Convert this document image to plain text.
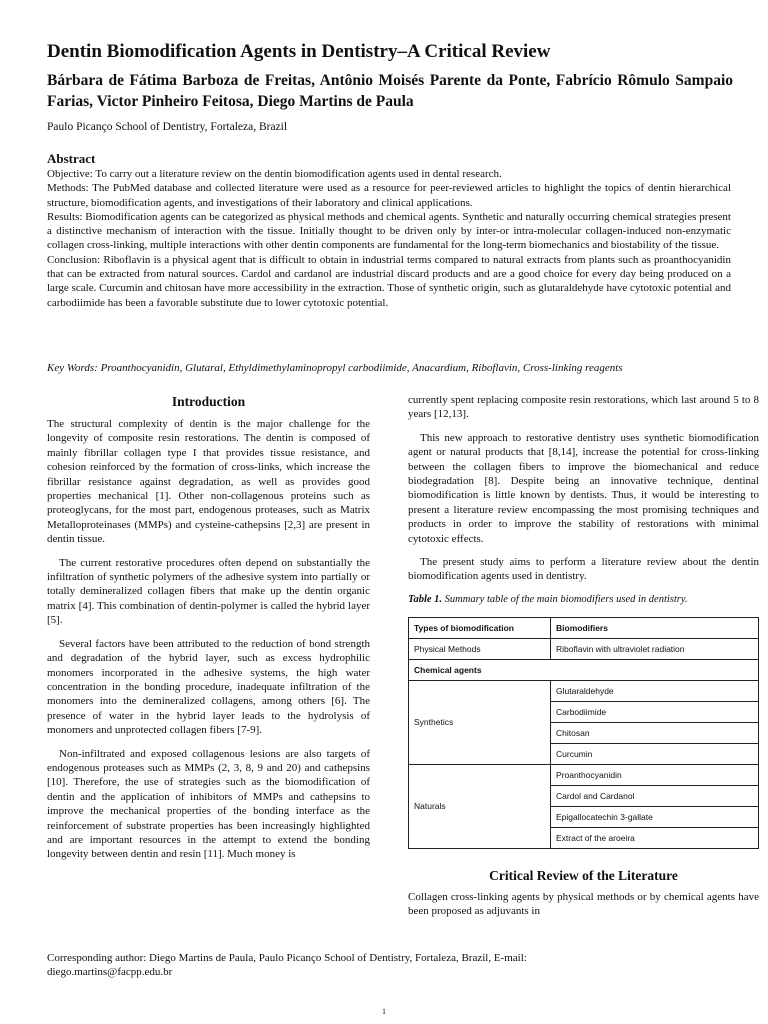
Dentin Biomodification Agents in Dentistry–A Critical Review
Bárbara de Fátima Barboza de Freitas, Antônio Moisés Parente da Ponte, Fabrício Rômulo Sampaio Farias, Victor Pinheiro Feitosa, Diego Martins de Paula
Paulo Picanço School of Dentistry, Fortaleza, Brazil
Abstract

Objective: To carry out a literature review on the dentin biomodification agents used in dental research.

Methods: The PubMed database and collected literature were used as a resource for peer-reviewed articles to highlight the topics of dentin hierarchical structure, biomodification agents, and investigations of their laboratory and clinical applications.

Results: Biomodification agents can be categorized as physical methods and chemical agents. Synthetic and naturally occurring chemical strategies present a distinctive mechanism of interaction with the tissue. Initially thought to be driven only by inter-or intra-molecular collagen-induced non-enzymatic collagen cross-linking, multiple interactions with other dentin components are fundamental for the long-term biomechanics and biostability of the tissue.

Conclusion: Riboflavin is a physical agent that is difficult to obtain in industrial terms compared to natural extracts from plants such as proanthocyanidin that can be extracted from natural sources. Cardol and cardanol are industrial discard products and are a good choice for every day being produced on a large scale. Curcumin and chitosan have more accessibility in the extraction. Those of synthetic origin, such as glutaraldehyde have cytotoxic potential and carbodiimide has been a favorable substitute due to lower cytotoxic potential.

Key Words: Proanthocyanidin, Glutaral, Ethyldimethylaminopropyl carbodiimide, Anacardium, Riboflavin, Cross-linking reagents
Introduction

The structural complexity of dentin is the major challenge for the longevity of composite resin restorations. The dentin is composed of mainly fibrillar collagen type I that provides tissue resistance, and cohesion reinforced by the formation of cross-links, which increase the fibrillar resistance against degradation, as well as provides good properties mechanical [1]. Other non-collagenous proteins such as proteoglycans, for the most part, endogenous proteases, such as Matrix Metalloproteinases (MMPs) and cysteine-cathepsins [2,3] are present in dentin tissue.

The current restorative procedures often depend on substantially the infiltration of synthetic polymers of the adhesive system into partially or totally demineralized collagen fibers that make up the dentin organic matrix [4]. This combination of dentin-polymer is called the hybrid layer [5].

Several factors have been attributed to the reduction of bond strength and degradation of the hybrid layer, such as excess hydrophilic monomers incorporated in the adhesive systems, the high water concentration in the bonding procedure, inadequate infiltration of the monomers into the demineralized collagens, among others [6]. The presence of water in the hybrid layer leads to the hydrolysis of monomers and unprotected collagen fibers [7-9].

Non-infiltrated and exposed collagenous lesions are also targets of endogenous proteases such as MMPs (2, 3, 8, 9 and 20) and cathepsins [10]. Therefore, the use of strategies such as the biomodification of dentin and the application of inhibitors of MMPs and cathepsins to improve the mechanical properties of the bonding interface as the reinforcement of substrate properties has been increasingly highlighted and are important resources in the attempt to extend the bonding longevity between dentin and resin [11]. Much money is

currently spent replacing composite resin restorations, which last around 5 to 8 years [12,13].

This new approach to restorative dentistry uses synthetic biomodification agent or natural products that [8,14], increase the potential for cross-linking between the collagen fibers to improve the biomechanical and reduce biodegradation [8]. Despite being an innovative technique, dentinal biomodification is little known by dentists. Thus, it would be interesting to present a literature review encompassing the most promising techniques and products in order to improve the stability of restorations with minimal cytotoxic effects.

The present study aims to perform a literature review about the dentin biomodification agents used in dentistry.

Table 1. Summary table of the main biomodifiers used in dentistry.
Types of biomodification	Biomodifiers
Physical Methods	Riboflavin with ultraviolet radiation
Chemical agents	
Synthetics	Glutaraldehyde
	Carbodiimide
	Chitosan
	Curcumin
Naturals	Proanthocyanidin
	Cardol and Cardanol
	Epigallocatechin 3-gallate
	Extract of the aroeira
Critical Review of the Literature

Collagen cross-linking agents by physical methods or by chemical agents have been proposed as adjuvants in

Corresponding author: Diego Martins de Paula, Paulo Picanço School of Dentistry, Fortaleza, Brazil, E-mail:
diego.martins@facpp.edu.br
1
